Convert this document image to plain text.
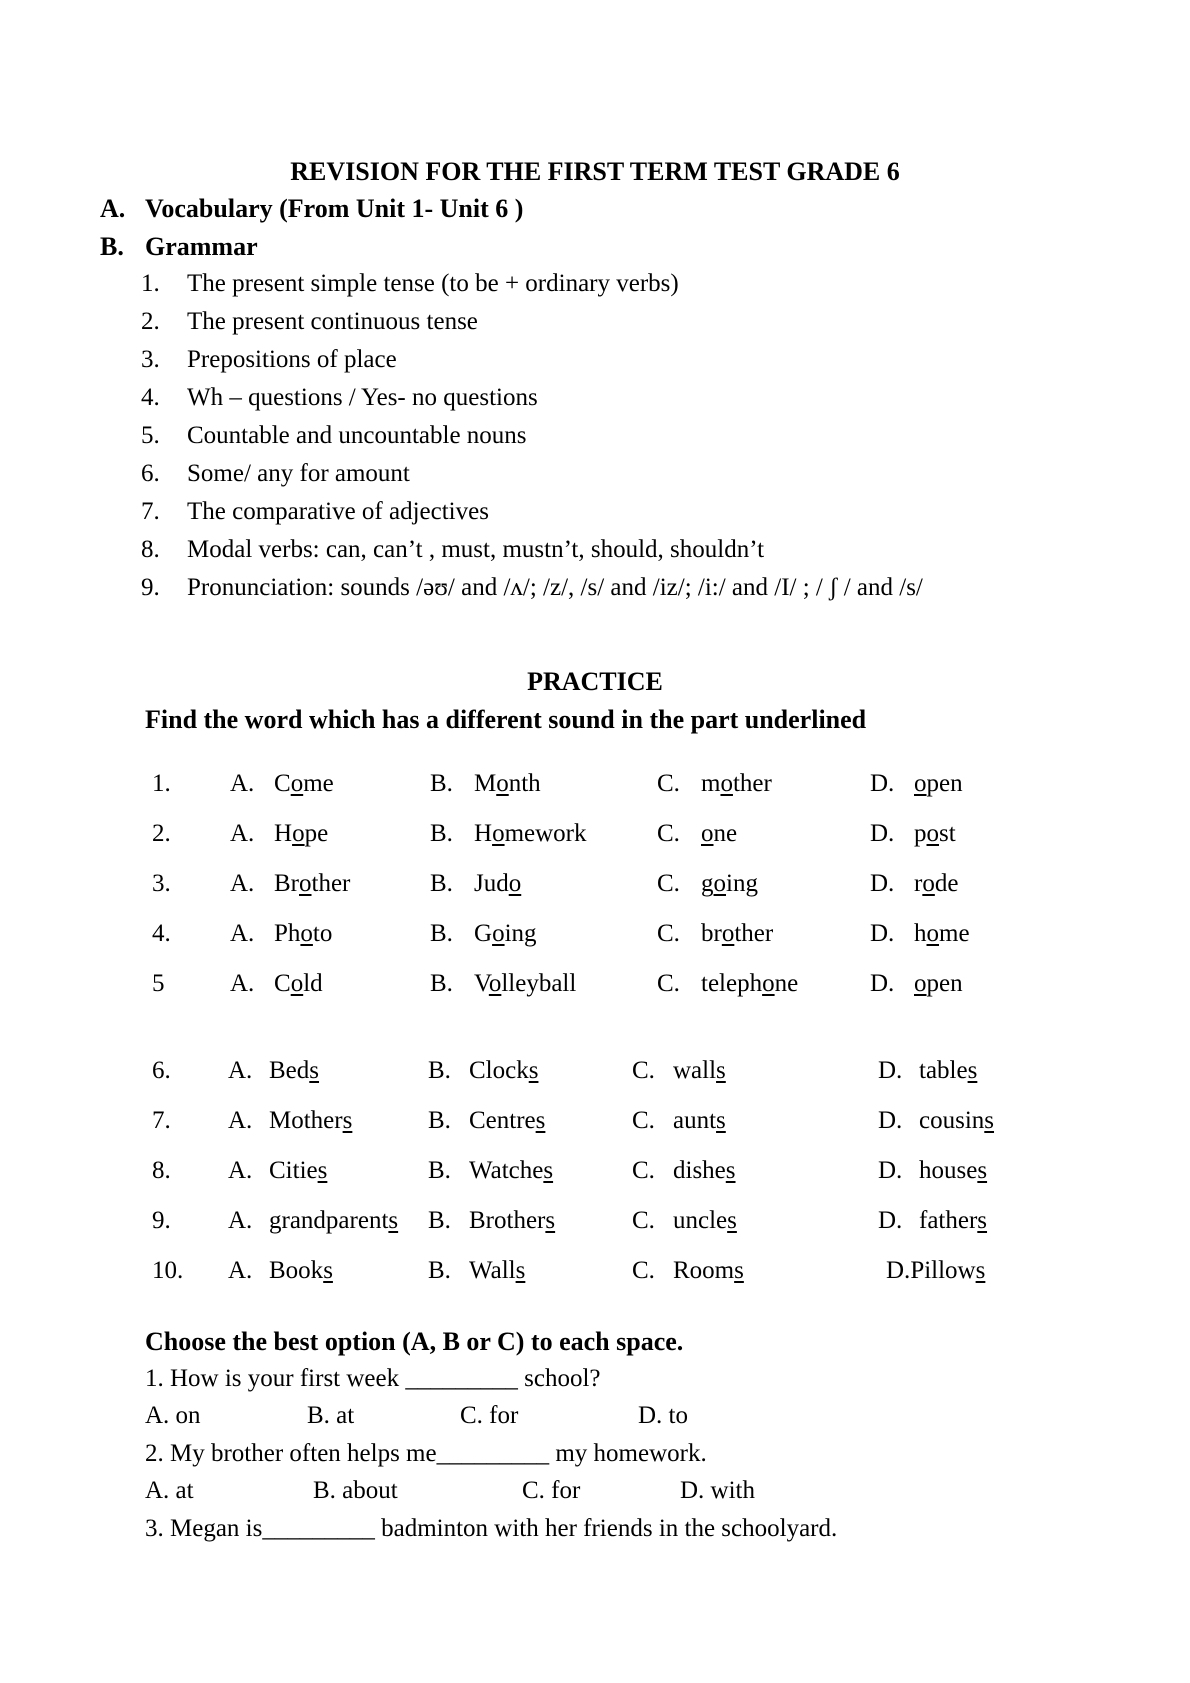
REVISION FOR THE FIRST TERM TEST GRADE 6
A. Vocabulary (From Unit 1- Unit 6 )
B. Grammar
1. The present simple tense (to be + ordinary verbs)
2. The present continuous tense
3. Prepositions of place
4. Wh – questions / Yes- no questions
5. Countable and uncountable nouns
6. Some/ any for amount
7. The comparative of adjectives
8. Modal verbs: can, can’t , must, mustn’t, should, shouldn’t
9. Pronunciation: sounds /əʊ/ and /ʌ/; /z/, /s/ and /iz/; /i:/ and /I/ ; / ʃ / and /s/
PRACTICE
Find the word which has a different sound in the part underlined
1. A. Come	B. Month	C. mother	D. open
2. A. Hope	B. Homework	C. one	D. post
3. A. Brother	B. Judo	C. going	D. rode
4. A. Photo	B. Going	C. brother	D. home
5	A. Cold	B. Volleyball	C. telephone	D. open
6. A. Beds	B. Clocks	C. walls	D. tables
7. A. Mothers	B. Centres	C. aunts	D. cousins
8. A. Cities	B. Watches	C. dishes	D. houses
9. A. grandparents B. Brothers	C. uncles	D. fathers
10. A. Books	B. Walls	C. Rooms	D.Pillows
Choose the best option (A, B or C) to each space.
1. How is your first week _________ school?
A. on	B. at	C. for	D. to
2. My brother often helps me_________ my homework.
A. at	B. about	C. for	D. with
3. Megan is_________ badminton with her friends in the schoolyard.
